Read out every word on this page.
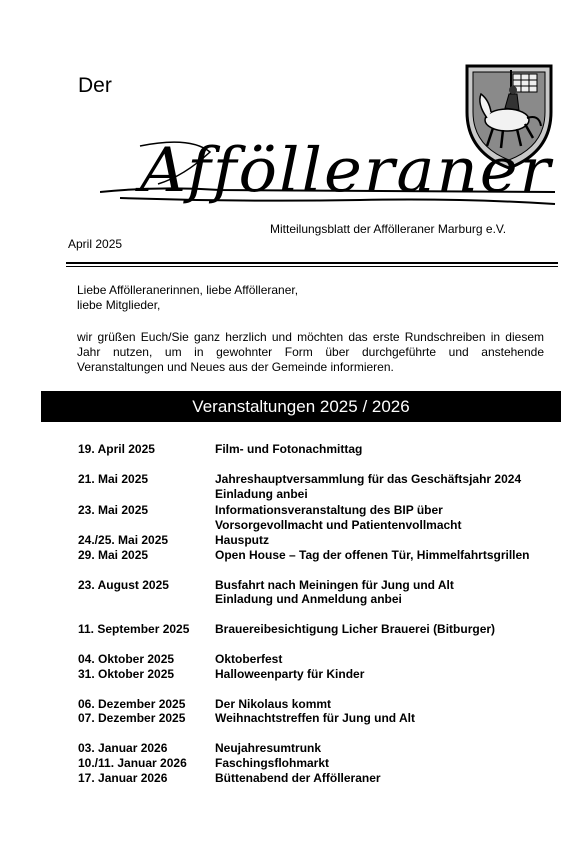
Der
Affölleraner
Mitteilungsblatt der Affölleraner Marburg e.V.
April 2025

Liebe Affölleranerinnen, liebe Affölleraner,

liebe Mitglieder,

wir grüßen Euch/Sie ganz herzlich und möchten das erste Rundschreiben in diesem Jahr nutzen, um in gewohnter Form über durchgeführte und anstehende Veranstaltungen und Neues aus der Gemeinde informieren.

Veranstaltungen 2025 / 2026
19. April 2025	Film- und Fotonachmittag
21. Mai 2025	Jahreshauptversammlung für das Geschäftsjahr 2024
Einladung anbei
23. Mai 2025	Informationsveranstaltung des BIP über
Vorsorgevollmacht und Patientenvollmacht
24./25. Mai 2025	Hausputz
29. Mai 2025	Open House – Tag der offenen Tür, Himmelfahrtsgrillen
23. August 2025	Busfahrt nach Meiningen für Jung und Alt
Einladung und Anmeldung anbei
11. September 2025	Brauereibesichtigung Licher Brauerei (Bitburger)
04. Oktober 2025	Oktoberfest
31. Oktober 2025	Halloweenparty für Kinder
06. Dezember 2025	Der Nikolaus kommt
07. Dezember 2025	Weihnachtstreffen für Jung und Alt
03. Januar 2026	Neujahresumtrunk
10./11. Januar 2026	Faschingsflohmarkt
17. Januar 2026	Büttenabend der Affölleraner
